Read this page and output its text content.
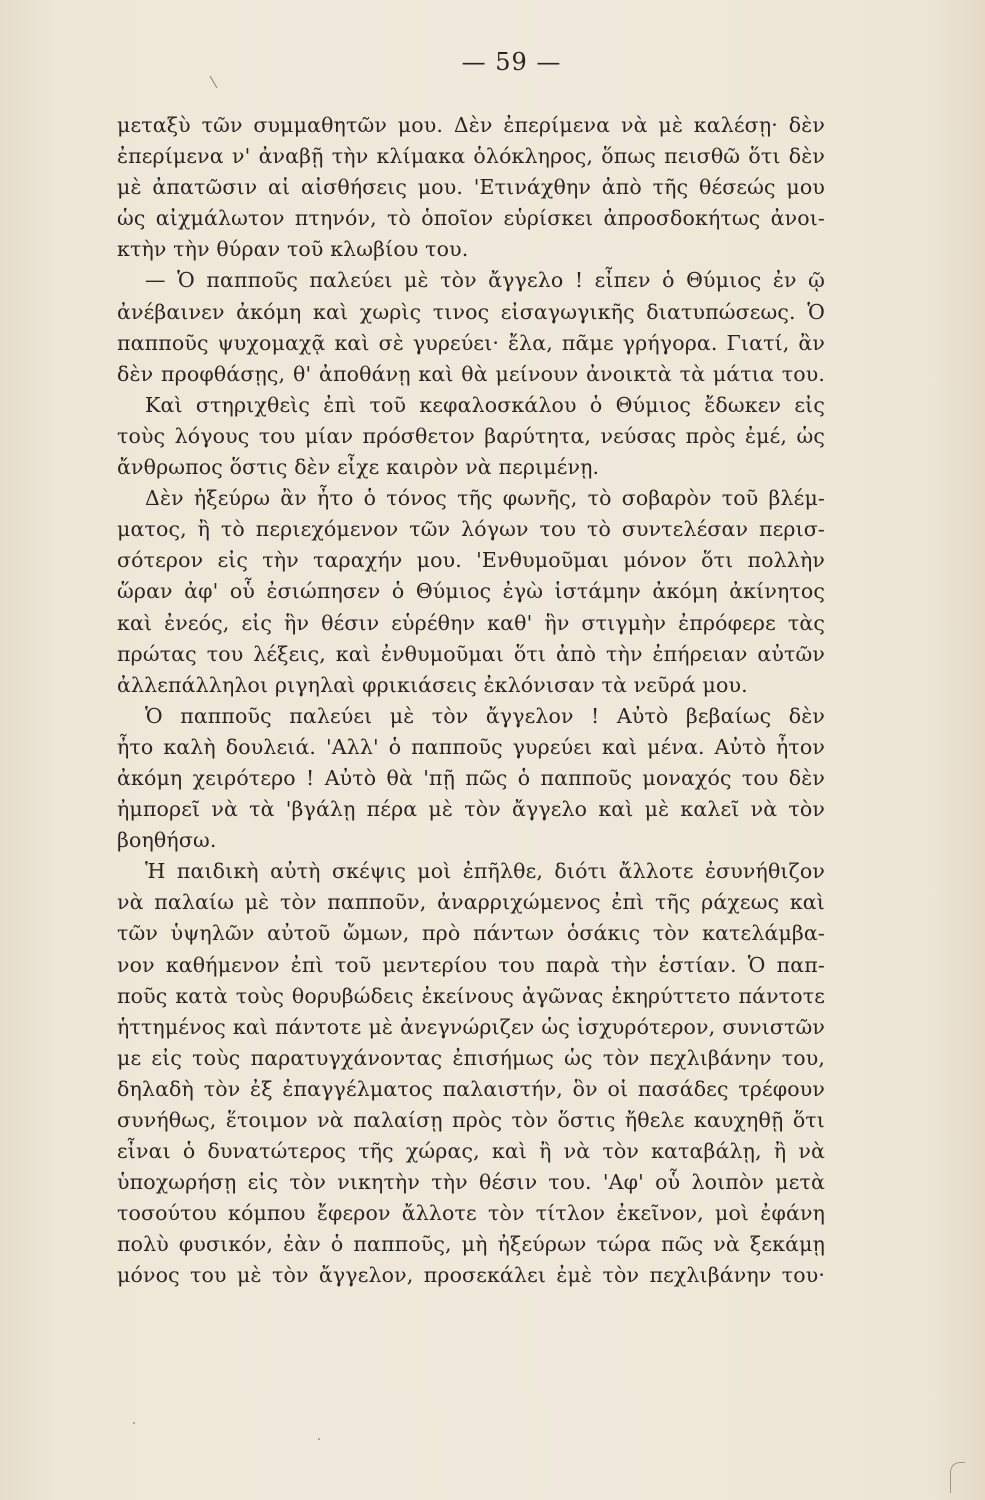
— 59 —
μεταξὺ τῶν συμμαθητῶν μου. Δὲν ἐπερίμενα νὰ μὲ καλέσῃ· δὲν
ἐπερίμενα ν' ἀναβῇ τὴν κλίμακα ὁλόκληρος, ὅπως πεισθῶ ὅτι δὲν
μὲ ἀπατῶσιν αἱ αἰσθήσεις μου. 'Ετινάχθην ἀπὸ τῆς θέσεώς μου
ὡς αἰχμάλωτον πτηνόν, τὸ ὁποῖον εὑρίσκει ἀπροσδοκήτως ἀνοι-
κτὴν τὴν θύραν τοῦ κλωβίου του.
— Ὁ παπποῦς παλεύει μὲ τὸν ἄγγελο ! εἶπεν ὁ Θύμιος ἐν ῷ
ἀνέβαινεν ἀκόμη καὶ χωρὶς τινος εἰσαγωγικῆς διατυπώσεως. Ὁ
παπποῦς ψυχομαχᾷ καὶ σὲ γυρεύει· ἔλα, πᾶμε γρήγορα. Γιατί, ἂν
δὲν προφθάσῃς, θ' ἀποθάνῃ καὶ θὰ μείνουν ἀνοικτὰ τὰ μάτια του.
Καὶ στηριχθεὶς ἐπὶ τοῦ κεφαλοσκάλου ὁ Θύμιος ἔδωκεν εἰς
τοὺς λόγους του μίαν πρόσθετον βαρύτητα, νεύσας πρὸς ἐμέ, ὡς
ἄνθρωπος ὅστις δὲν εἶχε καιρὸν νὰ περιμένῃ.
Δὲν ἠξεύρω ἂν ἦτο ὁ τόνος τῆς φωνῆς, τὸ σοβαρὸν τοῦ βλέμ-
ματος, ἢ τὸ περιεχόμενον τῶν λόγων του τὸ συντελέσαν περισ-
σότερον εἰς τὴν ταραχήν μου. 'Ενθυμοῦμαι μόνον ὅτι πολλὴν
ὥραν ἀφ' οὗ ἐσιώπησεν ὁ Θύμιος ἐγὼ ἱστάμην ἀκόμη ἀκίνητος
καὶ ἐνεός, εἰς ἣν θέσιν εὑρέθην καθ' ἣν στιγμὴν ἐπρόφερε τὰς
πρώτας του λέξεις, καὶ ἐνθυμοῦμαι ὅτι ἀπὸ τὴν ἐπήρειαν αὐτῶν
ἀλλεπάλληλοι ριγηλαὶ φρικιάσεις ἐκλόνισαν τὰ νεῦρά μου.
Ὁ παπποῦς παλεύει μὲ τὸν ἄγγελον ! Αὐτὸ βεβαίως δὲν
ἦτο καλὴ δουλειά. 'Αλλ' ὁ παπποῦς γυρεύει καὶ μένα. Αὐτὸ ἦτον
ἀκόμη χειρότερο ! Αὐτὸ θὰ 'πῇ πῶς ὁ παπποῦς μοναχός του δὲν
ἠμπορεῖ νὰ τὰ 'βγάλῃ πέρα μὲ τὸν ἄγγελο καὶ μὲ καλεῖ νὰ τὸν
βοηθήσω.
Ἡ παιδικὴ αὐτὴ σκέψις μοὶ ἐπῆλθε, διότι ἄλλοτε ἐσυνήθιζον
νὰ παλαίω μὲ τὸν παπποῦν, ἀναρριχώμενος ἐπὶ τῆς ράχεως καὶ
τῶν ὑψηλῶν αὐτοῦ ὤμων, πρὸ πάντων ὁσάκις τὸν κατελάμβα-
νον καθήμενον ἐπὶ τοῦ μεντερίου του παρὰ τὴν ἑστίαν. Ὁ παπ-
ποῦς κατὰ τοὺς θορυβώδεις ἐκείνους ἀγῶνας ἐκηρύττετο πάντοτε
ἡττημένος καὶ πάντοτε μὲ ἀνεγνώριζεν ὡς ἰσχυρότερον, συνιστῶν
με εἰς τοὺς παρατυγχάνοντας ἐπισήμως ὡς τὸν πεχλιβάνην του,
δηλαδὴ τὸν ἐξ ἐπαγγέλματος παλαιστήν, ὃν οἱ πασάδες τρέφουν
συνήθως, ἕτοιμον νὰ παλαίσῃ πρὸς τὸν ὅστις ἤθελε καυχηθῇ ὅτι
εἶναι ὁ δυνατώτερος τῆς χώρας, καὶ ἢ νὰ τὸν καταβάλῃ, ἢ νὰ
ὑποχωρήσῃ εἰς τὸν νικητὴν τὴν θέσιν του. 'Αφ' οὗ λοιπὸν μετὰ
τοσούτου κόμπου ἔφερον ἄλλοτε τὸν τίτλον ἐκεῖνον, μοὶ ἐφάνη
πολὺ φυσικόν, ἐὰν ὁ παπποῦς, μὴ ἠξεύρων τώρα πῶς νὰ ξεκάμῃ
μόνος του μὲ τὸν ἄγγελον, προσεκάλει ἐμὲ τὸν πεχλιβάνην του·
